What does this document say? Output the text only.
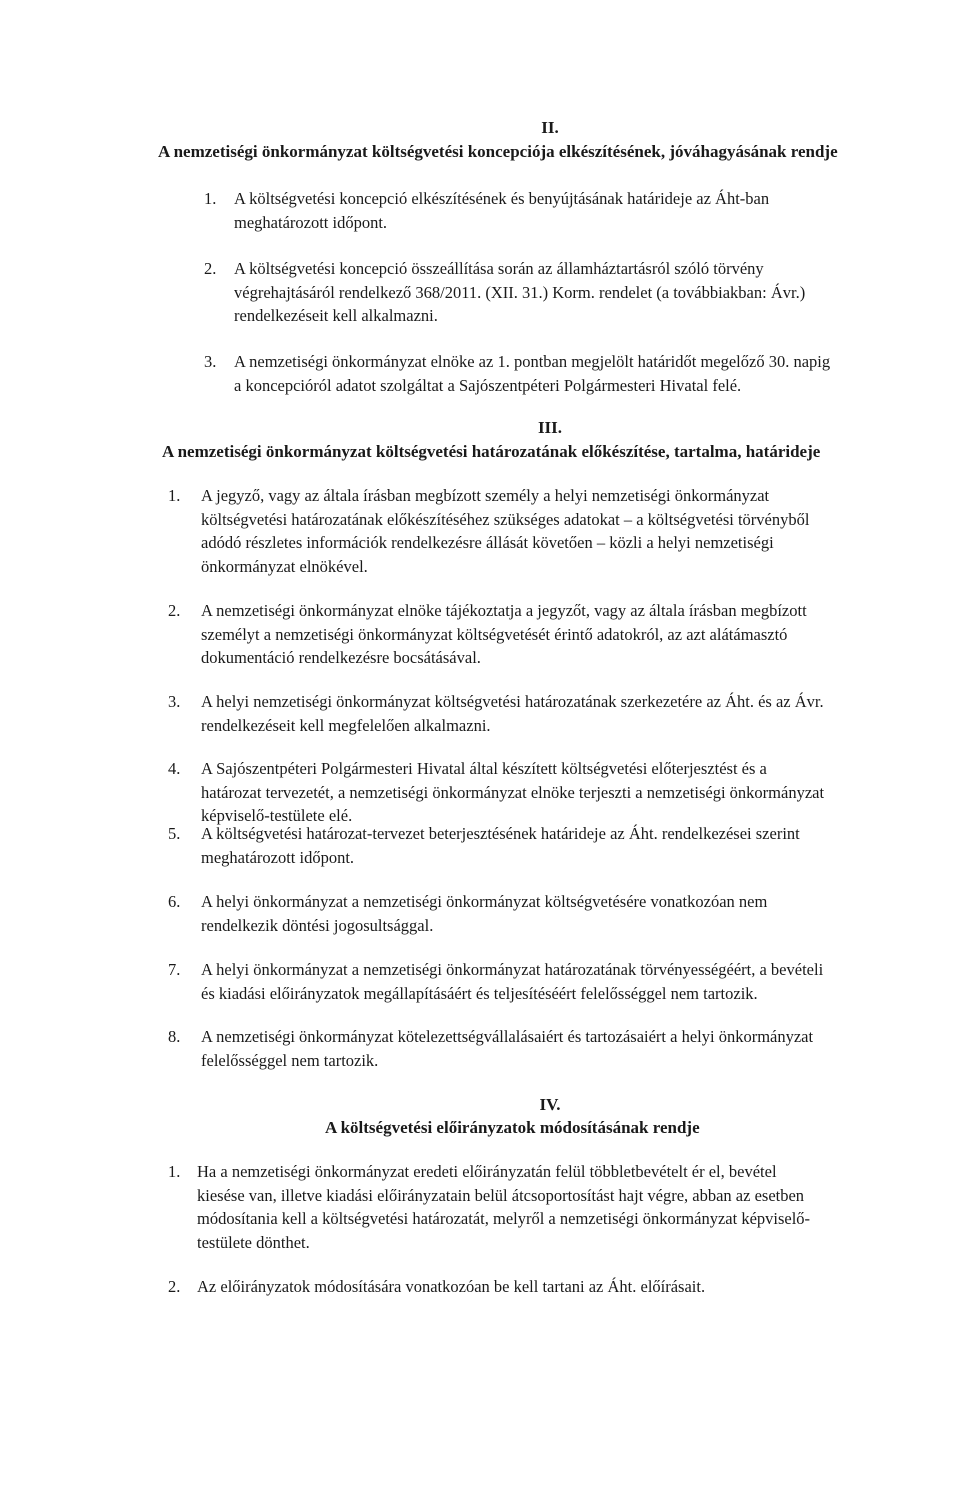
II.
A nemzetiségi önkormányzat költségvetési koncepciója elkészítésének, jóváhagyásának rendje
1. A költségvetési koncepció elkészítésének és benyújtásának határideje az Áht-ban
meghatározott időpont.
2. A költségvetési koncepció összeállítása során az államháztartásról szóló törvény
végrehajtásáról rendelkező 368/2011. (XII. 31.) Korm. rendelet (a továbbiakban: Ávr.)
rendelkezéseit kell alkalmazni.
3. A nemzetiségi önkormányzat elnöke az 1. pontban megjelölt határidőt megelőző 30. napig
a koncepcióról adatot szolgáltat a Sajószentpéteri Polgármesteri Hivatal felé.
III.
A nemzetiségi önkormányzat költségvetési határozatának előkészítése, tartalma, határideje
1. A jegyző, vagy az általa írásban megbízott személy a helyi nemzetiségi önkormányzat
költségvetési határozatának előkészítéséhez szükséges adatokat – a költségvetési törvényből
adódó részletes információk rendelkezésre állását követően – közli a helyi nemzetiségi
önkormányzat elnökével.
2. A nemzetiségi önkormányzat elnöke tájékoztatja a jegyzőt, vagy az általa írásban megbízott
személyt a nemzetiségi önkormányzat költségvetését érintő adatokról, az azt alátámasztó
dokumentáció rendelkezésre bocsátásával.
3. A helyi nemzetiségi önkormányzat költségvetési határozatának szerkezetére az Áht. és az Ávr.
rendelkezéseit kell megfelelően alkalmazni.
4. A Sajószentpéteri Polgármesteri Hivatal által készített költségvetési előterjesztést és a
határozat tervezetét, a nemzetiségi önkormányzat elnöke terjeszti a nemzetiségi önkormányzat
képviselő-testülete elé.
5. A költségvetési határozat-tervezet beterjesztésének határideje az Áht. rendelkezései szerint
meghatározott időpont.
6. A helyi önkormányzat a nemzetiségi önkormányzat költségvetésére vonatkozóan nem
rendelkezik döntési jogosultsággal.
7. A helyi önkormányzat a nemzetiségi önkormányzat határozatának törvényességéért, a bevételi
és kiadási előirányzatok megállapításáért és teljesítéséért felelősséggel nem tartozik.
8. A nemzetiségi önkormányzat kötelezettségvállalásaiért és tartozásaiért a helyi önkormányzat
felelősséggel nem tartozik.
IV.
A költségvetési előirányzatok módosításának rendje
1. Ha a nemzetiségi önkormányzat eredeti előirányzatán felül többletbevételt ér el, bevétel
kiesése van, illetve kiadási előirányzatain belül átcsoportosítást hajt végre, abban az esetben
módosítania kell a költségvetési határozatát, melyről a nemzetiségi önkormányzat képviselő-
testülete dönthet.
2. Az előirányzatok módosítására vonatkozóan be kell tartani az Áht. előírásait.
